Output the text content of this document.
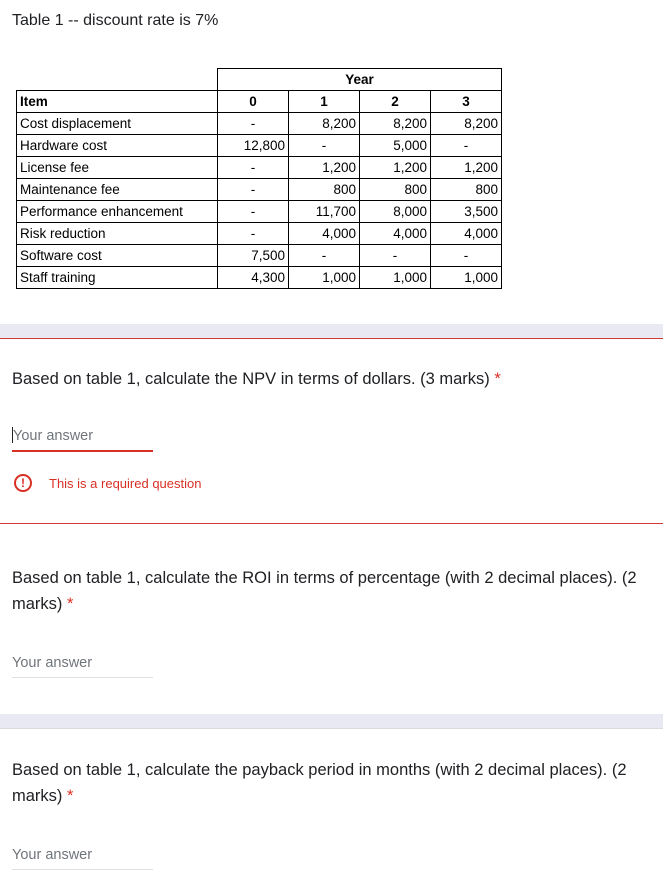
Table 1 -- discount rate is 7%
	Year			
Item	0	1	2	3
Cost displacement	-	8,200	8,200	8,200
Hardware cost	12,800	-	5,000	-
License fee	-	1,200	1,200	1,200
Maintenance fee	-	800	800	800
Performance enhancement	-	11,700	8,000	3,500
Risk reduction	-	4,000	4,000	4,000
Software cost	7,500	-	-	-
Staff training	4,300	1,000	1,000	1,000
Based on table 1, calculate the NPV in terms of dollars. (3 marks) *
Your answer
!	This is a required question
Based on table 1, calculate the ROI in terms of percentage (with 2 decimal places). (2 marks) *
Your answer
Based on table 1, calculate the payback period in months (with 2 decimal places). (2 marks) *
Your answer
